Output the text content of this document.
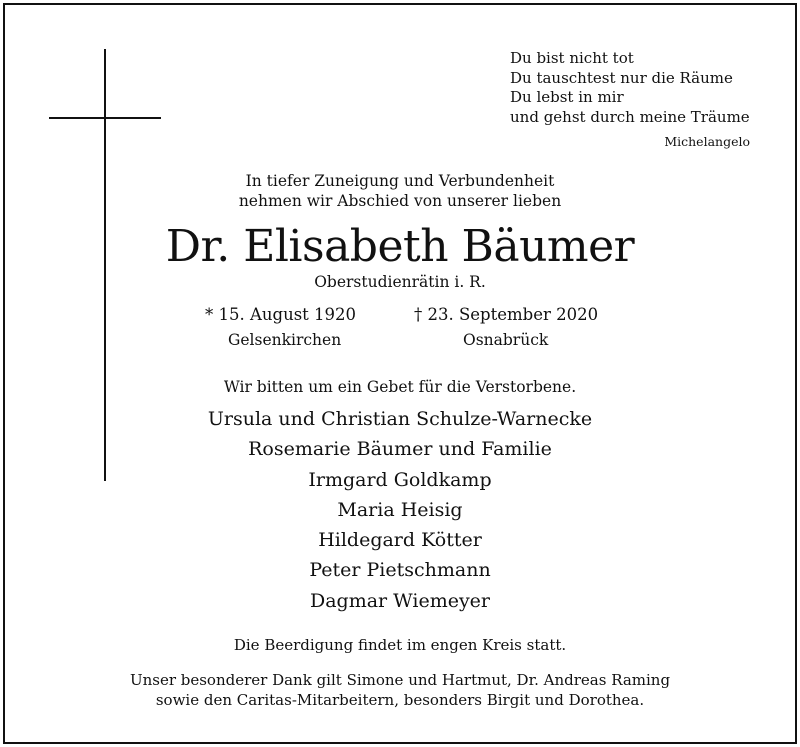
Du bist nicht tot
Du tauschtest nur die Räume
Du lebst in mir
und gehst durch meine Träume
Michelangelo
In tiefer Zuneigung und Verbundenheit
nehmen wir Abschied von unserer lieben
Dr. Elisabeth Bäumer
Oberstudienrätin i. R.
* 15. August 1920	† 23. September 2020
Gelsenkirchen	Osnabrück
Wir bitten um ein Gebet für die Verstorbene.
Ursula und Christian Schulze-Warnecke
Rosemarie Bäumer und Familie
Irmgard Goldkamp
Maria Heisig
Hildegard Kötter
Peter Pietschmann
Dagmar Wiemeyer
Die Beerdigung findet im engen Kreis statt.
Unser besonderer Dank gilt Simone und Hartmut, Dr. Andreas Raming
sowie den Caritas-Mitarbeitern, besonders Birgit und Dorothea.
